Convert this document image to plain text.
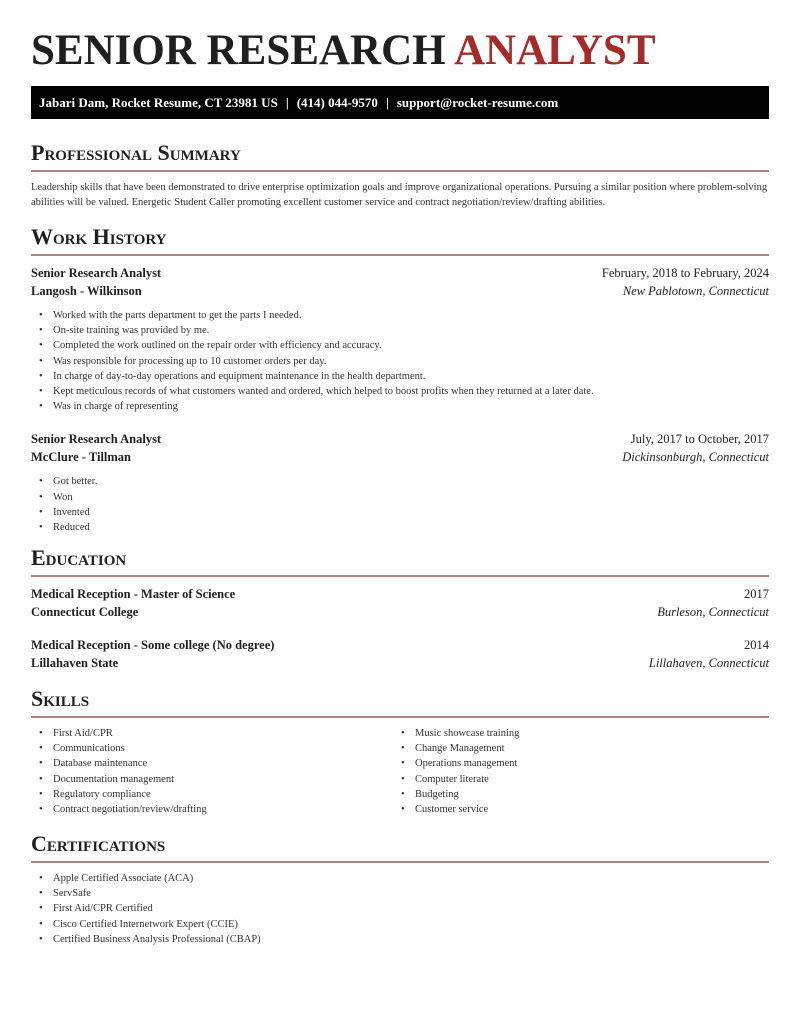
SENIOR RESEARCH ANALYST
Jabari Dam, Rocket Resume, CT 23981 US | (414) 044-9570 | support@rocket-resume.com
Professional Summary
Leadership skills that have been demonstrated to drive enterprise optimization goals and improve organizational operations. Pursuing a similar position where problem-solving abilities will be valued. Energetic Student Caller promoting excellent customer service and contract negotiation/review/drafting abilities.
Work History
Senior Research Analyst	February, 2018 to February, 2024
Langosh - Wilkinson	New Pablotown, Connecticut
• Worked with the parts department to get the parts I needed.
• On-site training was provided by me.
• Completed the work outlined on the repair order with efficiency and accuracy.
• Was responsible for processing up to 10 customer orders per day.
• In charge of day-to-day operations and equipment maintenance in the health department.
• Kept meticulous records of what customers wanted and ordered, which helped to boost profits when they returned at a later date.
• Was in charge of representing
Senior Research Analyst	July, 2017 to October, 2017
McClure - Tillman	Dickinsonburgh, Connecticut
• Got better.
• Won
• Invented
• Reduced
Education
Medical Reception - Master of Science	2017
Connecticut College	Burleson, Connecticut
Medical Reception - Some college (No degree)	2014
Lillahaven State	Lillahaven, Connecticut
Skills
• First Aid/CPR
• Communications
• Database maintenance
• Documentation management
• Regulatory compliance
• Contract negotiation/review/drafting
• Music showcase training
• Change Management
• Operations management
• Computer literate
• Budgeting
• Customer service
Certifications
• Apple Certified Associate (ACA)
• ServSafe
• First Aid/CPR Certified
• Cisco Certified Internetwork Expert (CCIE)
• Certified Business Analysis Professional (CBAP)
